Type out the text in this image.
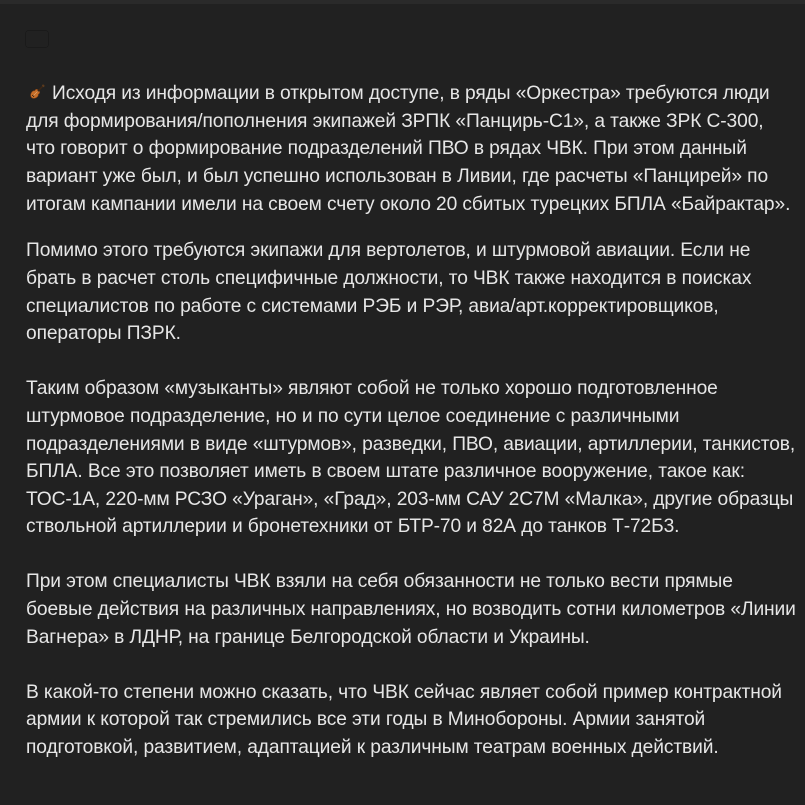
Исходя из информации в открытом доступе, в ряды «Оркестра» требуются люди для формирования/пополнения экипажей ЗРПК «Панцирь-С1», а также ЗРК С-300, что говорит о формирование подразделений ПВО в рядах ЧВК. При этом данный вариант уже был, и был успешно использован в Ливии, где расчеты «Панцирей» по итогам кампании имели на своем счету около 20 сбитых турецких БПЛА «Байрактар».

Помимо этого требуются экипажи для вертолетов, и штурмовой авиации. Если не брать в расчет столь специфичные должности, то ЧВК также находится в поисках специалистов по работе с системами РЭБ и РЭР, авиа/арт.корректировщиков, операторы ПЗРК.

Таким образом «музыканты» являют собой не только хорошо подготовленное штурмовое подразделение, но и по сути целое соединение с различными подразделениями в виде «штурмов», разведки, ПВО, авиации, артиллерии, танкистов, БПЛА. Все это позволяет иметь в своем штате различное вооружение, такое как: ТОС-1А, 220-мм РСЗО «Ураган», «Град», 203-мм САУ 2С7М «Малка», другие образцы ствольной артиллерии и бронетехники от БТР-70 и 82А до танков Т-72Б3.

При этом специалисты ЧВК взяли на себя обязанности не только вести прямые боевые действия на различных направлениях, но возводить сотни километров «Линии Вагнера» в ЛДНР, на границе Белгородской области и Украины.

В какой-то степени можно сказать, что ЧВК сейчас являет собой пример контрактной армии к которой так стремились все эти годы в Минобороны. Армии занятой подготовкой, развитием, адаптацией к различным театрам военных действий.
